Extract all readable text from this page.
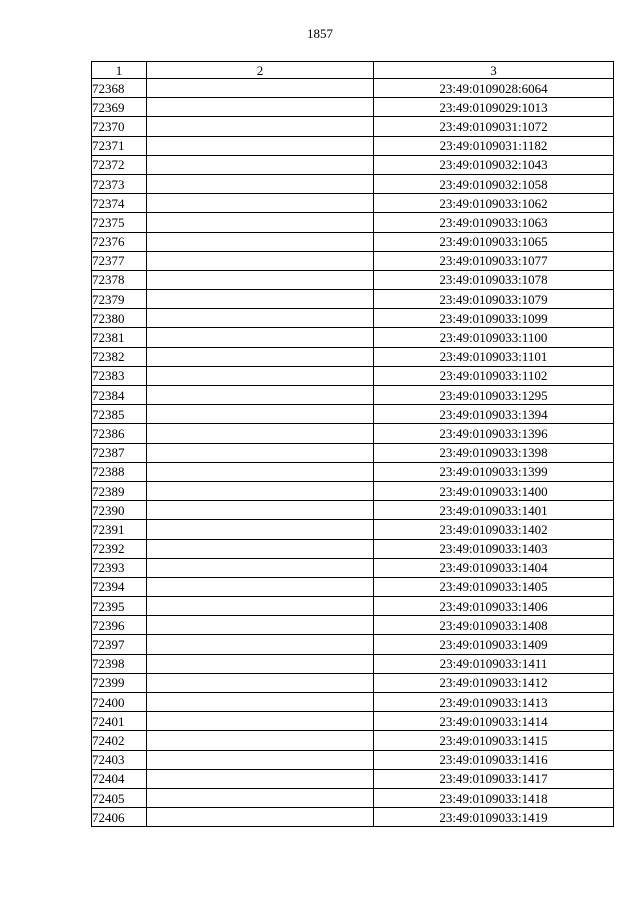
1857
1	2	3
72368		23:49:0109028:6064
72369		23:49:0109029:1013
72370		23:49:0109031:1072
72371		23:49:0109031:1182
72372		23:49:0109032:1043
72373		23:49:0109032:1058
72374		23:49:0109033:1062
72375		23:49:0109033:1063
72376		23:49:0109033:1065
72377		23:49:0109033:1077
72378		23:49:0109033:1078
72379		23:49:0109033:1079
72380		23:49:0109033:1099
72381		23:49:0109033:1100
72382		23:49:0109033:1101
72383		23:49:0109033:1102
72384		23:49:0109033:1295
72385		23:49:0109033:1394
72386		23:49:0109033:1396
72387		23:49:0109033:1398
72388		23:49:0109033:1399
72389		23:49:0109033:1400
72390		23:49:0109033:1401
72391		23:49:0109033:1402
72392		23:49:0109033:1403
72393		23:49:0109033:1404
72394		23:49:0109033:1405
72395		23:49:0109033:1406
72396		23:49:0109033:1408
72397		23:49:0109033:1409
72398		23:49:0109033:1411
72399		23:49:0109033:1412
72400		23:49:0109033:1413
72401		23:49:0109033:1414
72402		23:49:0109033:1415
72403		23:49:0109033:1416
72404		23:49:0109033:1417
72405		23:49:0109033:1418
72406		23:49:0109033:1419
